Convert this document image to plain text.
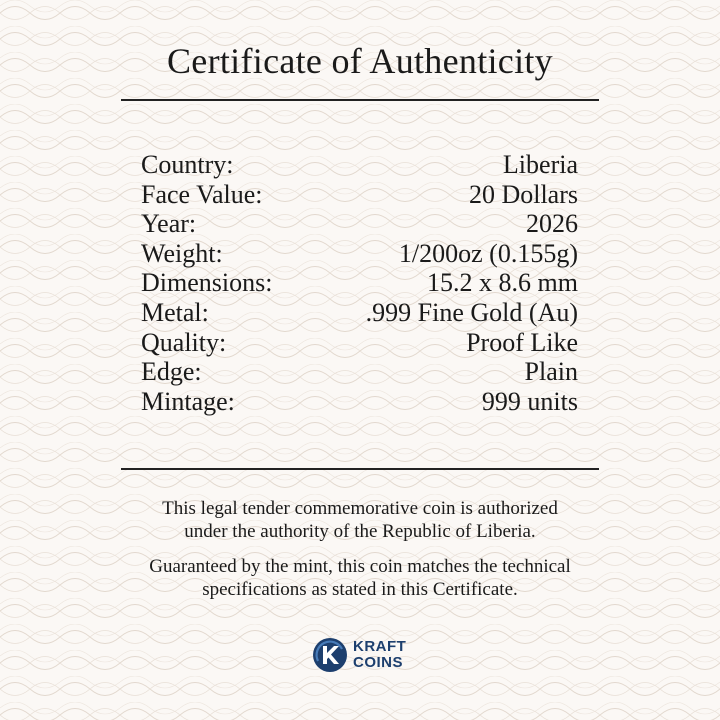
Certificate of Authenticity
Country:	Liberia
Face Value:	20 Dollars
Year:	2026
Weight:	1/200oz (0.155g)
Dimensions:	15.2 x 8.6 mm
Metal:	.999 Fine Gold (Au)
Quality:	Proof Like
Edge:	Plain
Mintage:	999 units
This legal tender commemorative coin is authorized
under the authority of the Republic of Liberia.
Guaranteed by the mint, this coin matches the technical
specifications as stated in this Certificate.
KRAFT
COINS
